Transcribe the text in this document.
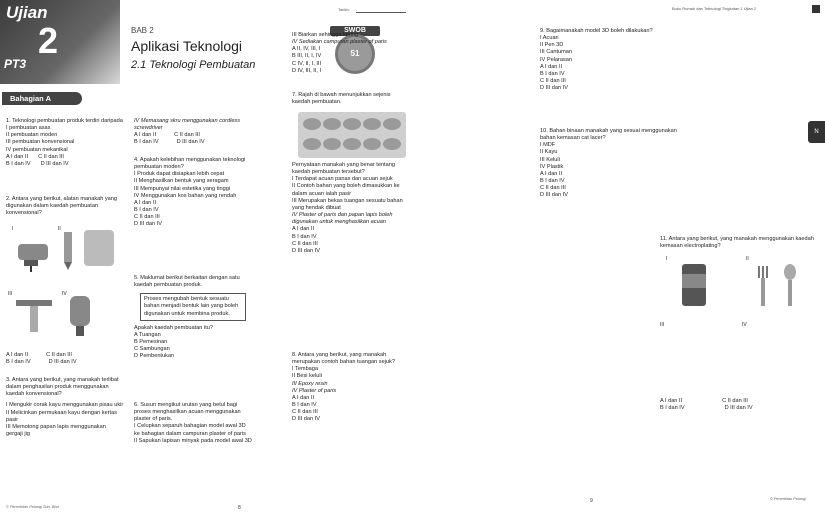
Ujian
2
PT3
BAB 2
Aplikasi Teknologi
2.1 Teknologi Pembuatan
Tarikh:
SWOB
51
Buku Rumah dan Teknologi Tingkatan 1 Ujian 2
Bahagian A
N
1. Teknologi pembuatan produk terdiri daripada
I pembuatan asas
II pembuatan moden
III pembuatan konvensional
IV pembuatan mekanikal
A I dan II C II dan III
B I dan IV D III dan IV
2. Antara yang berikut, alatan manakah yang digunakan dalam kaedah pembuatan konvensional?
I	II
III	IV
A I dan II	C II dan III
B I dan IV	D III dan IV
3. Antara yang berikut, yang manakah terlibat dalam penghasilan produk menggunakan kaedah konvensional?
I Mengukir corak kayu menggunakan pisau ukir
II Melicinkan permukaan kayu dengan kertas pasir
III Memotong papan lapis menggunakan gergaji jig
IV Memasang skru menggunakan cordless screwdriver
A I dan II	C II dan III
B I dan IV	D III dan IV
4. Apakah kelebihan menggunakan teknologi pembuatan moden?
I Produk dapat disiapkan lebih cepat
II Menghasilkan bentuk yang seragam
III Mempunyai nilai estetika yang tinggi
IV Menggunakan kos bahan yang rendah
A I dan II
B I dan IV
C II dan III
D III dan IV
5. Maklumat berikut berkaitan dengan satu kaedah pembuatan produk.
Proses mengubah bentuk sesuatu bahan menjadi bentuk lain yang boleh digunakan untuk membina produk.
Apakah kaedah pembuatan itu?
A Tuangan
B Pemesinan
C Sambungan
D Pembentukan
6. Susun mengikut urutan yang betul bagi proses menghasilkan acuan menggunakan plaster of paris.
I Celupkan separuh bahagian model awal 3D ke bahagian dalam campuran plaster of paris
II Sapukan lapisan minyak pada model awal 3D
III Biarkan sehingga kering
IV Sediakan campuran plaster of paris
A II, IV, III, I
B III, II, I, IV
C IV, II, I, III
D IV, III, II, I
7. Rajah di bawah menunjukkan sejenis kaedah pembuatan.
Pernyataan manakah yang benar tentang kaedah pembuatan tersebut?
I Terdapat acuan panas dan acuan sejuk
II Contoh bahan yang boleh dimasukkan ke dalam acuan ialah pasir
III Merupakan bekas tuangan sesuatu bahan yang hendak dibuat
IV Plaster of paris dan papan lapis boleh digunakan untuk menghasilkan acuan
A I dan II
B I dan IV
C II dan III
D III dan IV
8. Antara yang berikut, yang manakah merupakan contoh bahan tuangan sejuk?
I Tembaga
II Besi keluli
III Epoxy resin
IV Plaster of paris
A I dan II
B I dan IV
C II dan III
D III dan IV
9. Bagaimanakah model 3D boleh dilakukan?
I Acuan
II Pen 3D
III Cantuman
IV Pelarasan
A I dan II
B I dan IV
C II dan III
D III dan IV
10. Bahan binaan manakah yang sesuai menggunakan bahan kemasan cat lacer?
I MDF
II Kayu
III Keluli
IV Plastik
A I dan II
B I dan IV
C II dan III
D III dan IV
11. Antara yang berikut, yang manakah menggunakan kaedah kemasan electroplating?
I	II
III	IV
A I dan II	C II dan III
B I dan IV	D III dan IV
© Penerbitan Pelangi Sdn. Bhd.	8
9	© Penerbitan Pelangi
